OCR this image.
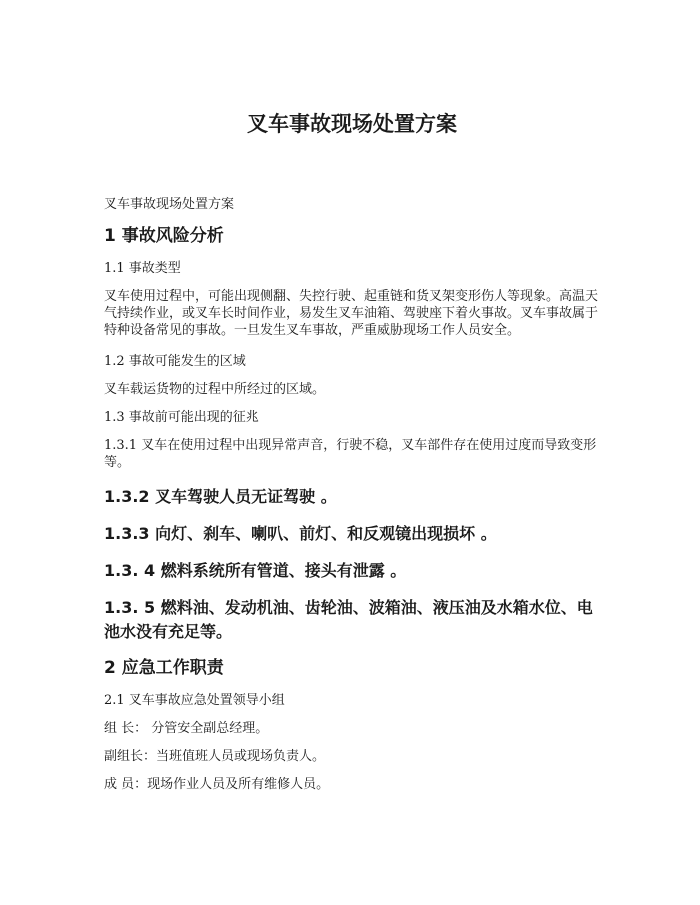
叉车事故现场处置方案
叉车事故现场处置方案
1 事故风险分析
1.1 事故类型
叉车使用过程中，可能出现侧翻、失控行驶、起重链和货叉架变形伤人等现象。高温天气持续作业，或叉车长时间作业，易发生叉车油箱、驾驶座下着火事故。叉车事故属于特种设备常见的事故。一旦发生叉车事故，严重威胁现场工作人员安全。
1.2 事故可能发生的区域
叉车载运货物的过程中所经过的区域。
1.3 事故前可能出现的征兆
1.3.1 叉车在使用过程中出现异常声音，行驶不稳，叉车部件存在使用过度而导致变形等。
1.3.2 叉车驾驶人员无证驾驶 。
1.3.3 向灯、刹车、喇叭、前灯、和反观镜出现损坏 。
1.3. 4 燃料系统所有管道、接头有泄露 。
1.3. 5 燃料油、发动机油、齿轮油、波箱油、液压油及水箱水位、电池水没有充足等。
2 应急工作职责
2.1 叉车事故应急处置领导小组
组 长： 分管安全副总经理。
副组长：当班值班人员或现场负责人。
成 员：现场作业人员及所有维修人员。
